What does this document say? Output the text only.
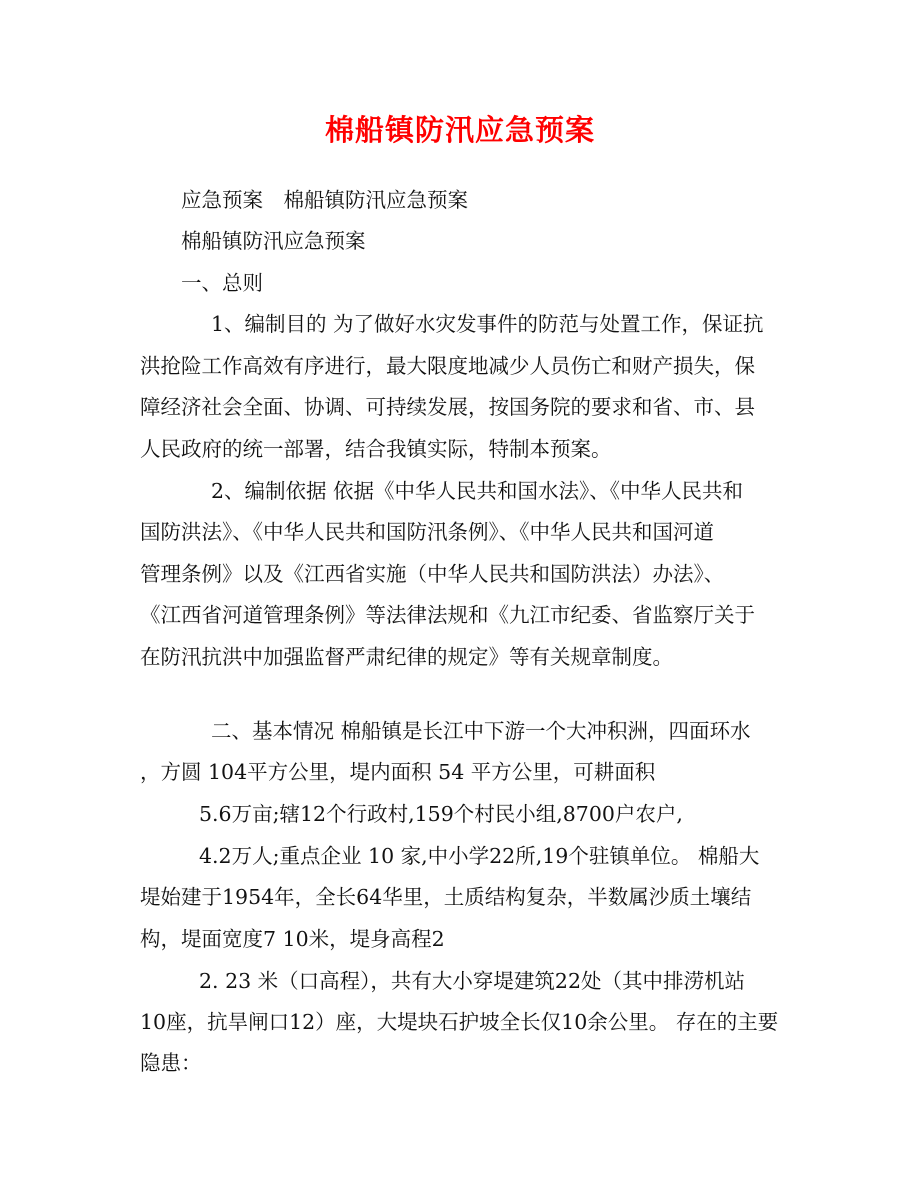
棉船镇防汛应急预案
应急预案　棉船镇防汛应急预案
棉船镇防汛应急预案
一、总则
1、编制目的 为了做好水灾发事件的防范与处置工作，保证抗
洪抢险工作高效有序进行，最大限度地减少人员伤亡和财产损失，保
障经济社会全面、协调、可持续发展，按国务院的要求和省、市、县
人民政府的统一部署，结合我镇实际，特制本预案。
2、编制依据 依据《中华人民共和国水法》、《中华人民共和
国防洪法》、《中华人民共和国防汛条例》、《中华人民共和国河道
管理条例》以及《江西省实施（中华人民共和国防洪法）办法》、
《江西省河道管理条例》等法律法规和《九江市纪委、省监察厅关于
在防汛抗洪中加强监督严肃纪律的规定》等有关规章制度。
二、基本情况 棉船镇是长江中下游一个大冲积洲，四面环水
，方圆 104平方公里，堤内面积 54 平方公里，可耕面积
5.6万亩;辖12个行政村,159个村民小组,8700户农户,
4.2万人;重点企业 10 家,中小学22所,19个驻镇单位。 棉船大
堤始建于1954年，全长64华里，土质结构复杂，半数属沙质土壤结
构，堤面宽度7 10米，堤身高程2
2. 23 米（口高程），共有大小穿堤建筑22处（其中排涝机站
10座，抗旱闸口12）座，大堤块石护坡全长仅10余公里。 存在的主要
隐患：
